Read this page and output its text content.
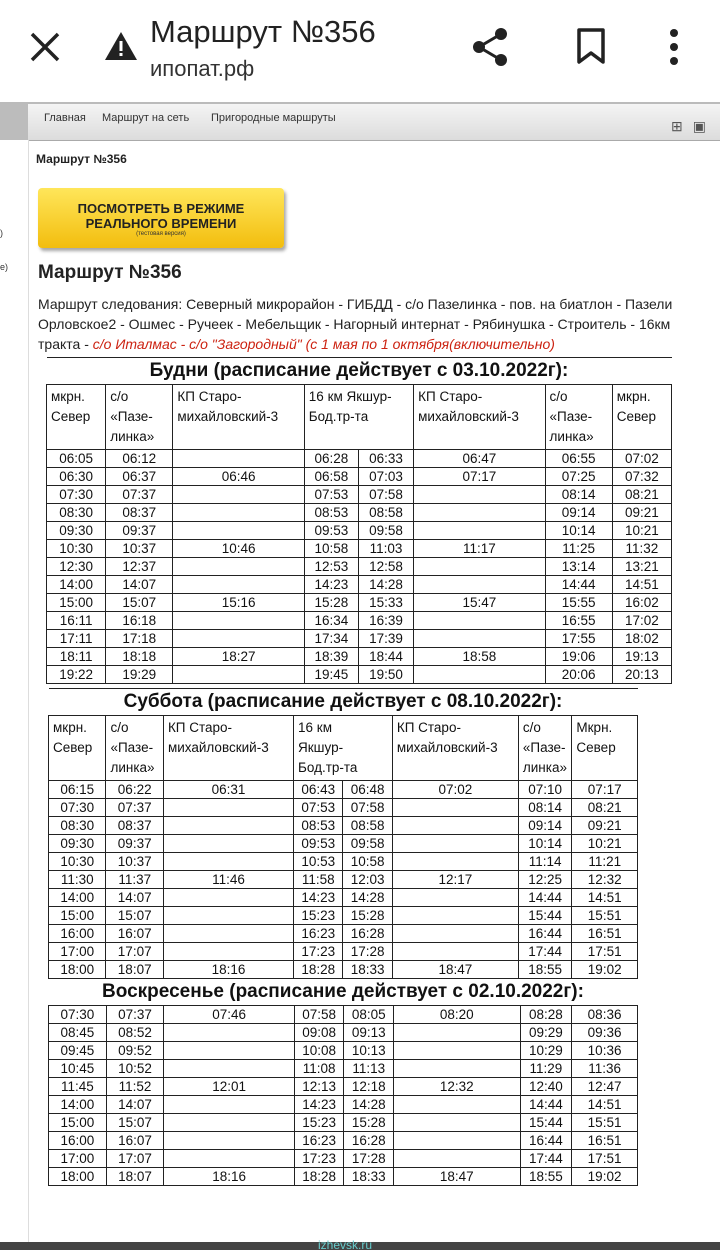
Маршрут №356
ипопат.рф
Главная Маршрут на сеть Пригородные маршруты	⊞▣
)
е)
Маршрут №356
ПОСМОТРЕТЬ В РЕЖИМЕ
РЕАЛЬНОГО ВРЕМЕНИ
(тестовая версия)
Маршрут №356
Маршрут следования: Северный микрорайон - ГИБДД - с/о Пазелинка - пов. на биатлон - Пазели
Орловское2 - Ошмес - Ручеек - Мебельщик - Нагорный интернат - Рябинушка - Строитель - 16км
тракта - с/о Италмас - с/о "Загородный" (с 1 мая по 1 октября(включительно)
Будни (расписание действует с 03.10.2022г):							
мкрн.
Север	с/о
«Пазе-
линка»	КП Старо-
михайловский-3	16 км Якшур-
Бод.тр-та		КП Старо-
михайловский-3	с/о
«Пазе-
линка»	мкрн.
Север
06:05	06:12		06:28	06:33	06:47	06:55	07:02
06:30	06:37	06:46	06:58	07:03	07:17	07:25	07:32
07:30	07:37		07:53	07:58		08:14	08:21
08:30	08:37		08:53	08:58		09:14	09:21
09:30	09:37		09:53	09:58		10:14	10:21
10:30	10:37	10:46	10:58	11:03	11:17	11:25	11:32
12:30	12:37		12:53	12:58		13:14	13:21
14:00	14:07		14:23	14:28		14:44	14:51
15:00	15:07	15:16	15:28	15:33	15:47	15:55	16:02
16:11	16:18		16:34	16:39		16:55	17:02
17:11	17:18		17:34	17:39		17:55	18:02
18:11	18:18	18:27	18:39	18:44	18:58	19:06	19:13
19:22	19:29		19:45	19:50		20:06	20:13
Суббота (расписание действует с 08.10.2022г):							
мкрн.
Север	с/о
«Пазе-
линка»	КП Старо-
михайловский-3	16 км
Якшур-
Бод.тр-та		КП Старо-
михайловский-3	с/о
«Пазе-
линка»	Мкрн.
Север
06:15	06:22	06:31	06:43	06:48	07:02	07:10	07:17
07:30	07:37		07:53	07:58		08:14	08:21
08:30	08:37		08:53	08:58		09:14	09:21
09:30	09:37		09:53	09:58		10:14	10:21
10:30	10:37		10:53	10:58		11:14	11:21
11:30	11:37	11:46	11:58	12:03	12:17	12:25	12:32
14:00	14:07		14:23	14:28		14:44	14:51
15:00	15:07		15:23	15:28		15:44	15:51
16:00	16:07		16:23	16:28		16:44	16:51
17:00	17:07		17:23	17:28		17:44	17:51
18:00	18:07	18:16	18:28	18:33	18:47	18:55	19:02
Воскресенье (расписание действует с 02.10.2022г):							
07:30	07:37	07:46	07:58	08:05	08:20	08:28	08:36
08:45	08:52		09:08	09:13		09:29	09:36
09:45	09:52		10:08	10:13		10:29	10:36
10:45	10:52		11:08	11:13		11:29	11:36
11:45	11:52	12:01	12:13	12:18	12:32	12:40	12:47
14:00	14:07		14:23	14:28		14:44	14:51
15:00	15:07		15:23	15:28		15:44	15:51
16:00	16:07		16:23	16:28		16:44	16:51
17:00	17:07		17:23	17:28		17:44	17:51
18:00	18:07	18:16	18:28	18:33	18:47	18:55	19:02
izhevsk.ru
